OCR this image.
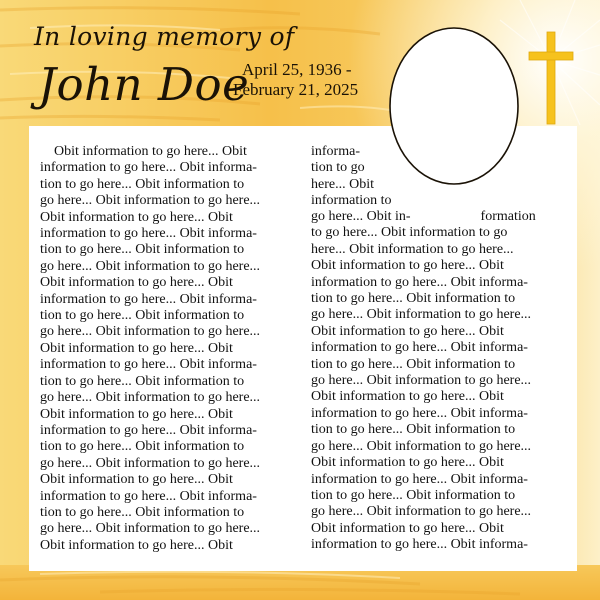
In loving memory of
John Doe
April 25, 1936 -
February 21, 2025
Obit information to go here... Obit
information to go here... Obit informa-
tion to go here... Obit information to
go here... Obit information to go here...
Obit information to go here... Obit
information to go here... Obit informa-
tion to go here... Obit information to
go here... Obit information to go here...
Obit information to go here... Obit
information to go here... Obit informa-
tion to go here... Obit information to
go here... Obit information to go here...
Obit information to go here... Obit
information to go here... Obit informa-
tion to go here... Obit information to
go here... Obit information to go here...
Obit information to go here... Obit
information to go here... Obit informa-
tion to go here... Obit information to
go here... Obit information to go here...
Obit information to go here... Obit
information to go here... Obit informa-
tion to go here... Obit information to
go here... Obit information to go here...
Obit information to go here... Obit
informa-
tion to go
here... Obit
information to
go here... Obit in-                    formation
to go here... Obit information to go
here... Obit information to go here...
Obit information to go here... Obit
information to go here... Obit informa-
tion to go here... Obit information to
go here... Obit information to go here...
Obit information to go here... Obit
information to go here... Obit informa-
tion to go here... Obit information to
go here... Obit information to go here...
Obit information to go here... Obit
information to go here... Obit informa-
tion to go here... Obit information to
go here... Obit information to go here...
Obit information to go here... Obit
information to go here... Obit informa-
tion to go here... Obit information to
go here... Obit information to go here...
Obit information to go here... Obit
information to go here... Obit informa-
